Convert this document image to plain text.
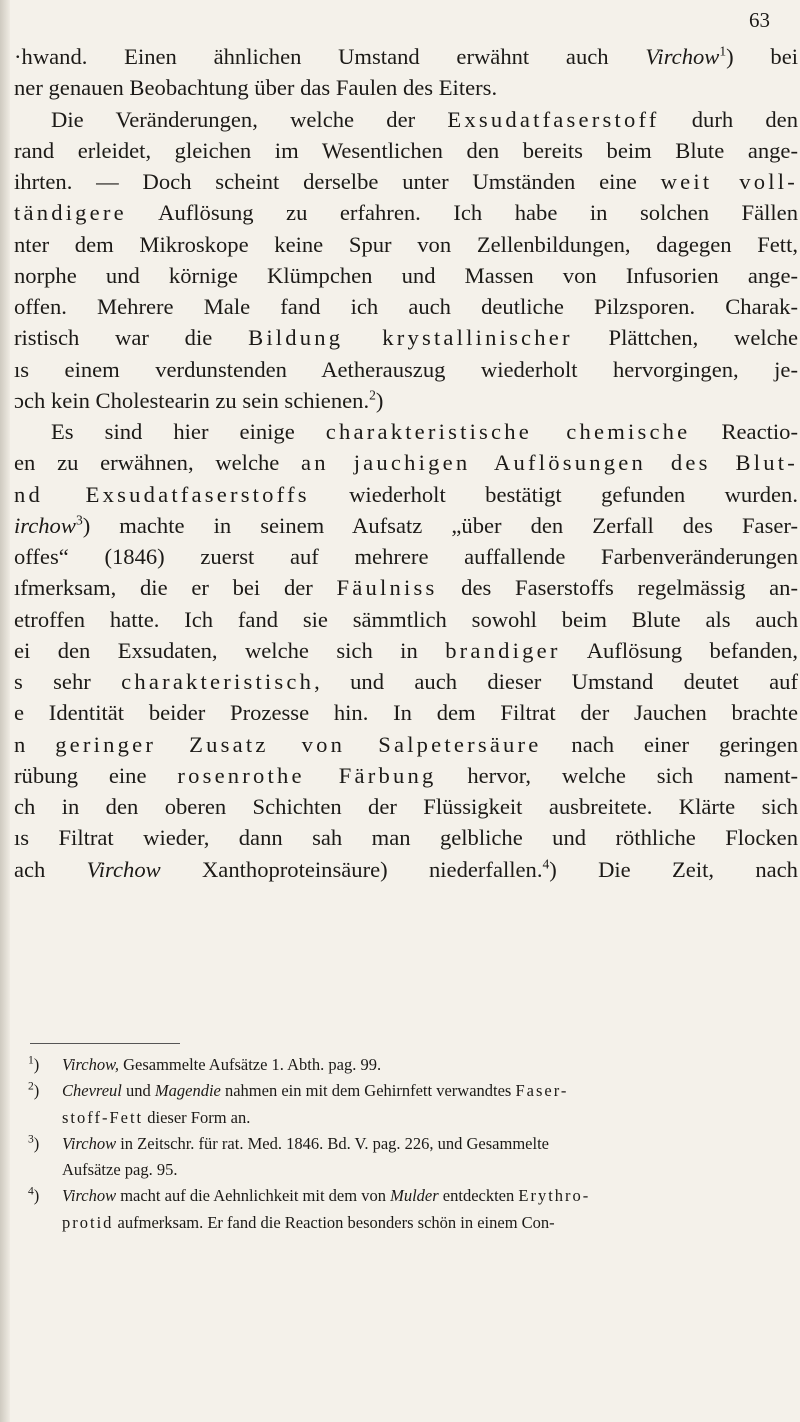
63
·hwand. Einen ähnlichen Umstand erwähnt auch Virchow$^1$) bei
ner genauen Beobachtung über das Faulen des Eiters.
Die Veränderungen, welche der Exsudatfaserstoff durh den
rand erleidet, gleichen im Wesentlichen den bereits beim Blute ange-
ihrten. — Doch scheint derselbe unter Umständen eine weit voll-
tändigere Auflösung zu erfahren. Ich habe in solchen Fällen
nter dem Mikroskope keine Spur von Zellenbildungen, dagegen Fett,
norphe und körnige Klümpchen und Massen von Infusorien ange-
offen. Mehrere Male fand ich auch deutliche Pilzsporen. Charak-
ristisch war die Bildung krystallinischer Plättchen, welche
ıs einem verdunstenden Aetherauszug wiederholt hervorgingen, je-
ɔch kein Cholestearin zu sein schienen.$^2$)
Es sind hier einige charakteristische chemische Reactio-
en zu erwähnen, welche an jauchigen Auflösungen des Blut-
nd Exsudatfaserstoffs wiederholt bestätigt gefunden wurden.
irchow$^3$) machte in seinem Aufsatz „über den Zerfall des Faser-
offes“ (1846) zuerst auf mehrere auffallende Farbenveränderungen
ıfmerksam, die er bei der Fäulniss des Faserstoffs regelmässig an-
etroffen hatte. Ich fand sie sämmtlich sowohl beim Blute als auch
ei den Exsudaten, welche sich in brandiger Auflösung befanden,
s sehr charakteristisch, und auch dieser Umstand deutet auf
e Identität beider Prozesse hin. In dem Filtrat der Jauchen brachte
n geringer Zusatz von Salpetersäure nach einer geringen
rübung eine rosenrothe Färbung hervor, welche sich nament-
ch in den oberen Schichten der Flüssigkeit ausbreitete. Klärte sich
ıs Filtrat wieder, dann sah man gelbliche und röthliche Flocken
ach Virchow Xanthoproteinsäure) niederfallen.$^4$) Die Zeit, nach
$^1$) Virchow, Gesammelte Aufsätze 1. Abth. pag. 99.
$^2$) Chevreul und Magendie nahmen ein mit dem Gehirnfett verwandtes Faser-
stoff-Fett dieser Form an.
$^3$) Virchow in Zeitschr. für rat. Med. 1846. Bd. V. pag. 226, und Gesammelte
Aufsätze pag. 95.
$^4$) Virchow macht auf die Aehnlichkeit mit dem von Mulder entdeckten Erythro-
protid aufmerksam. Er fand die Reaction besonders schön in einem Con-
